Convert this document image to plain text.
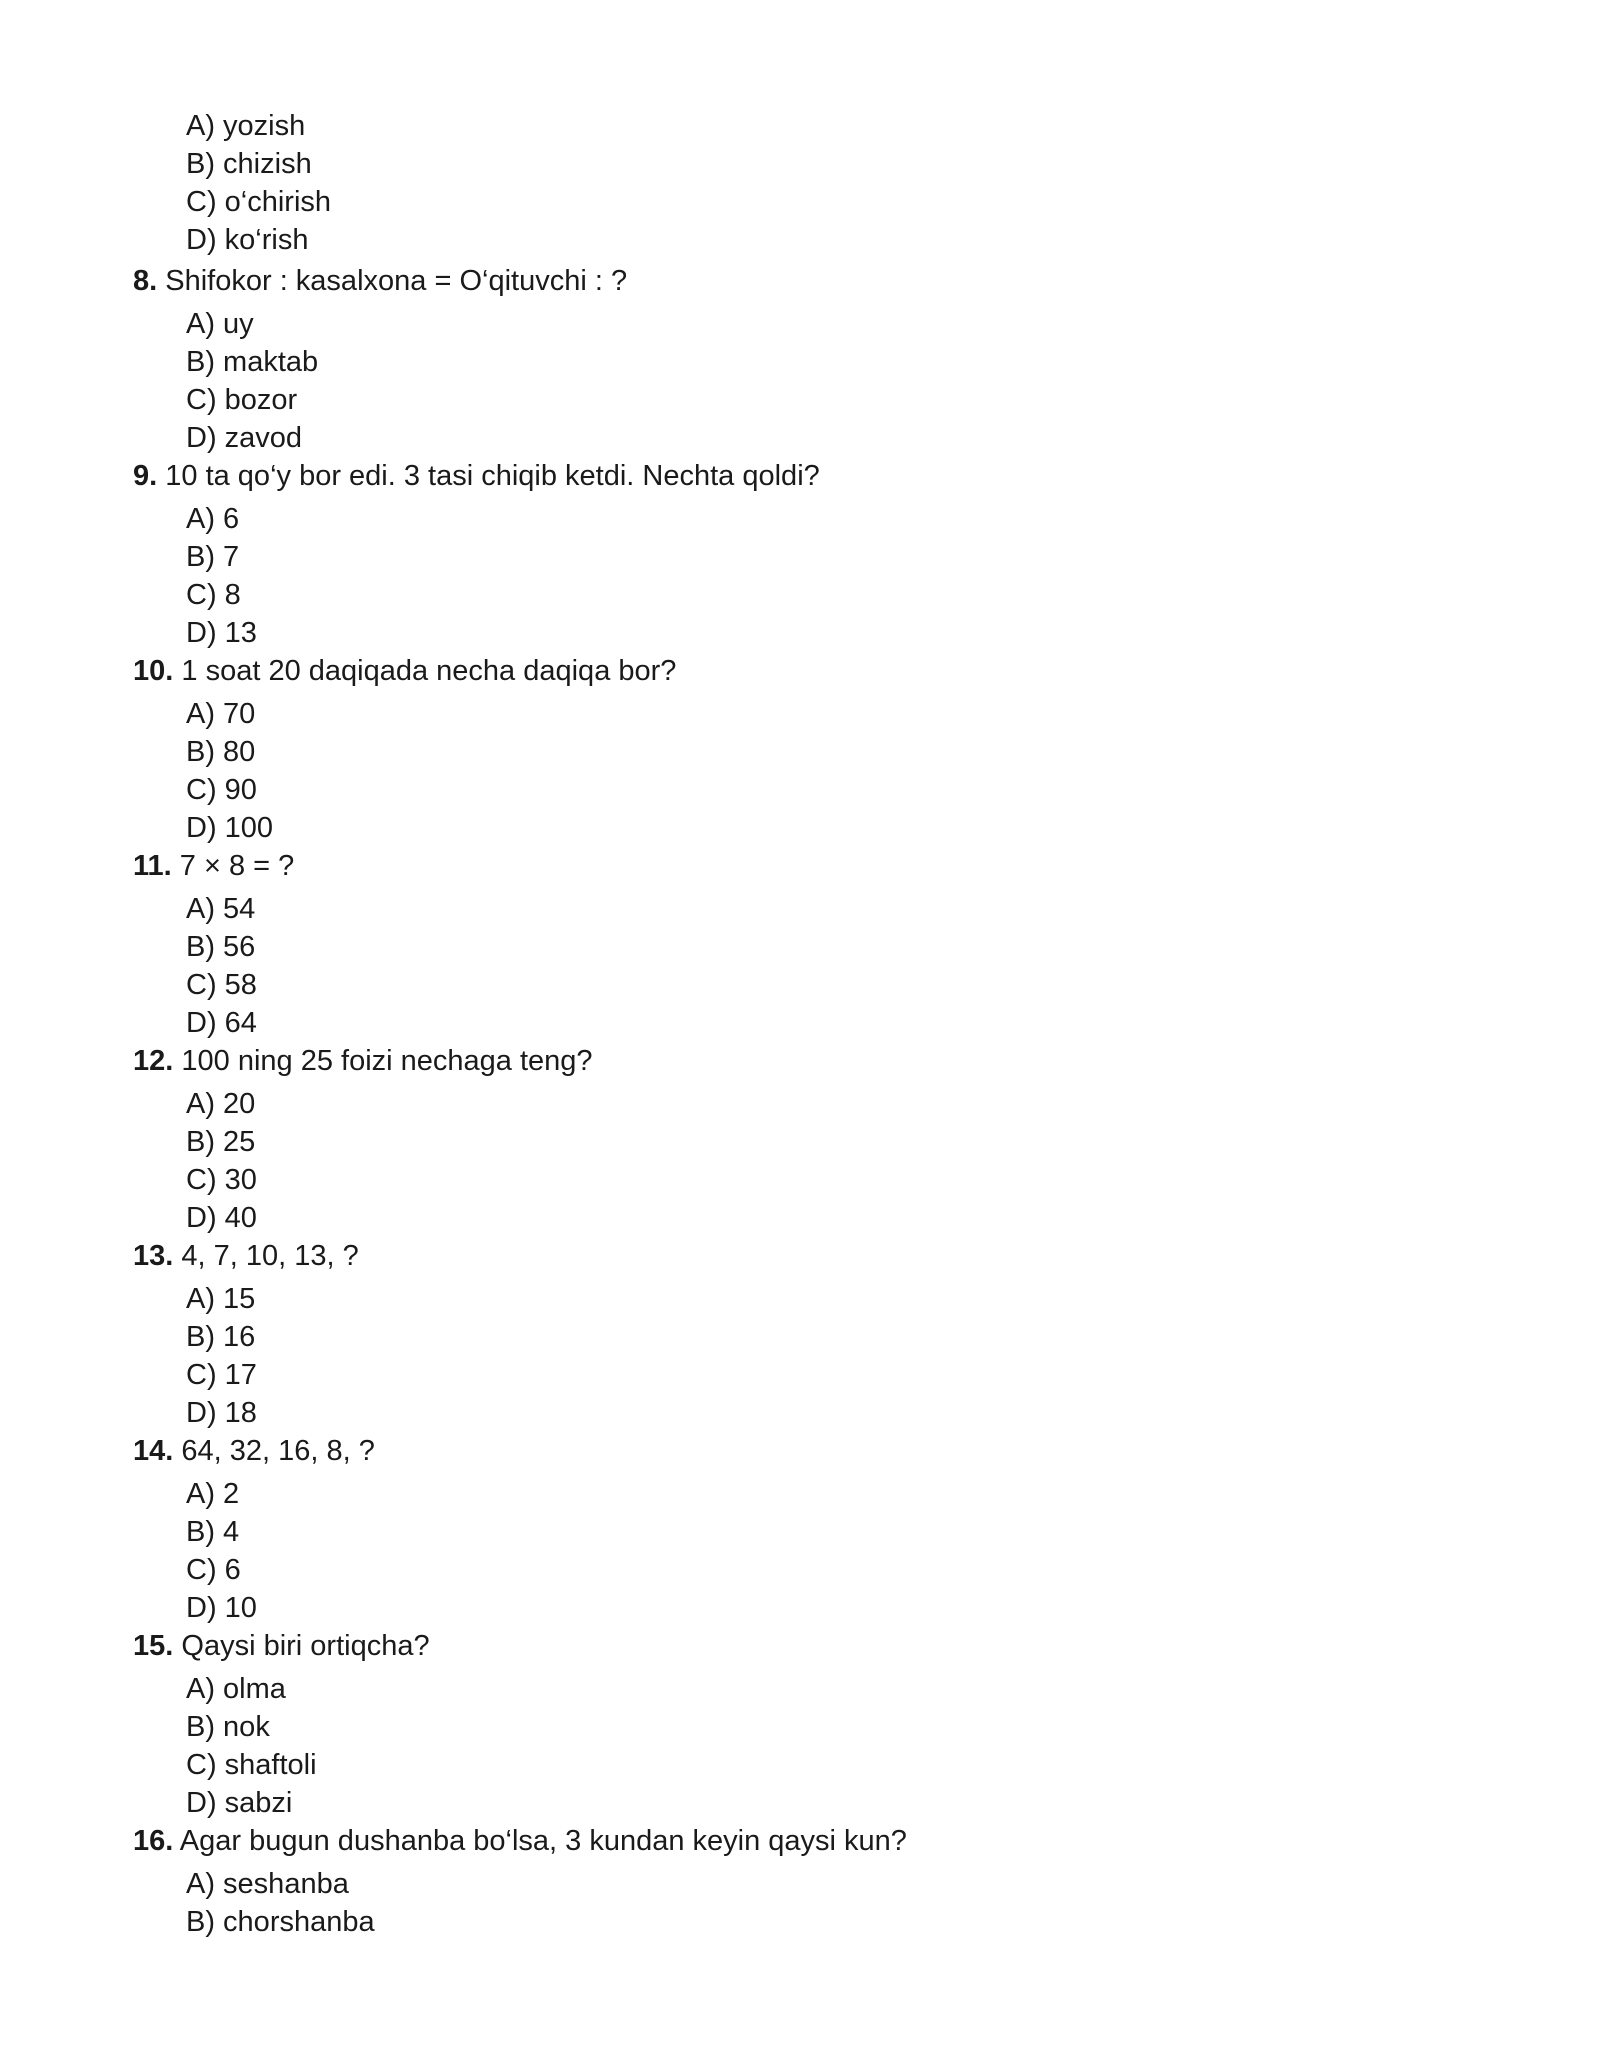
A) yozish
B) chizish
C) o‘chirish
D) ko‘rish
8. Shifokor : kasalxona = O‘qituvchi : ?
A) uy
B) maktab
C) bozor
D) zavod
9. 10 ta qo‘y bor edi. 3 tasi chiqib ketdi. Nechta qoldi?
A) 6
B) 7
C) 8
D) 13
10. 1 soat 20 daqiqada necha daqiqa bor?
A) 70
B) 80
C) 90
D) 100
11. 7 × 8 = ?
A) 54
B) 56
C) 58
D) 64
12. 100 ning 25 foizi nechaga teng?
A) 20
B) 25
C) 30
D) 40
13. 4, 7, 10, 13, ?
A) 15
B) 16
C) 17
D) 18
14. 64, 32, 16, 8, ?
A) 2
B) 4
C) 6
D) 10
15. Qaysi biri ortiqcha?
A) olma
B) nok
C) shaftoli
D) sabzi
16. Agar bugun dushanba bo‘lsa, 3 kundan keyin qaysi kun?
A) seshanba
B) chorshanba
